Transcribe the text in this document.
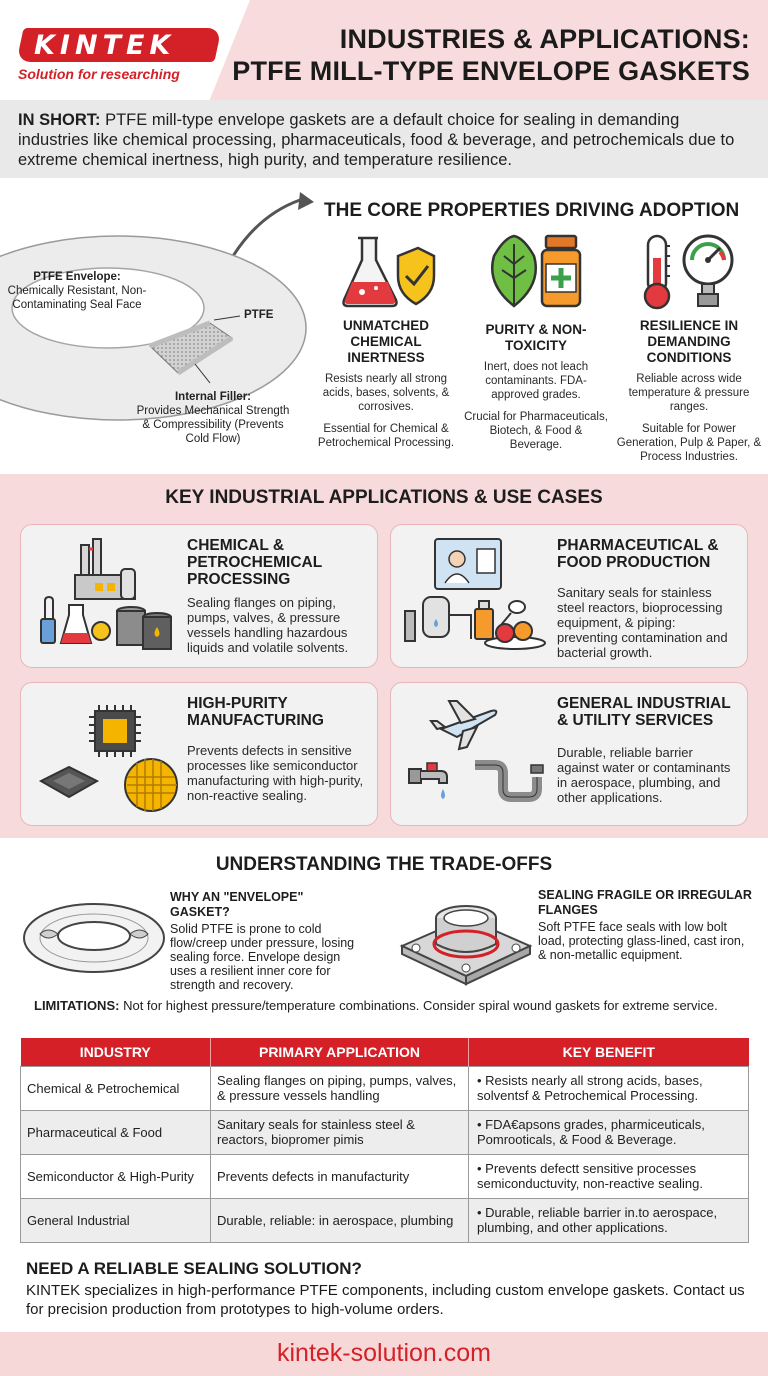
KINTEK
Solution for researching
INDUSTRIES & APPLICATIONS:
PTFE MILL-TYPE ENVELOPE GASKETS
IN SHORT: PTFE mill-type envelope gaskets are a default choice for sealing in demanding industries like chemical processing, pharmaceuticals, food & beverage, and petrochemicals due to extreme chemical inertness, high purity, and temperature resilience.
PTFE Envelope:
Chemically Resistant, Non-Contaminating Seal Face
PTFE
Internal Filler:
Provides Mechanical Strength & Compressibility (Prevents Cold Flow)
THE CORE PROPERTIES DRIVING ADOPTION
UNMATCHED CHEMICAL INERTNESS

Resists nearly all strong acids, bases, solvents, & corrosives.

Essential for Chemical & Petrochemical Processing.

PURITY & NON-TOXICITY

Inert, does not leach contaminants. FDA-approved grades.

Crucial for Pharmaceuticals, Biotech, & Food & Beverage.

RESILIENCE IN DEMANDING CONDITIONS

Reliable across wide temperature & pressure ranges.

Suitable for Power Generation, Pulp & Paper, & Process Industries.

KEY INDUSTRIAL APPLICATIONS & USE CASES
CHEMICAL & PETROCHEMICAL PROCESSING

Sealing flanges on piping, pumps, valves, & pressure vessels handling hazardous liquids and volatile solvents.

PHARMACEUTICAL & FOOD PRODUCTION

Sanitary seals for stainless steel reactors, bioprocessing equipment, & piping: preventing contamination and bacterial growth.

HIGH-PURITY MANUFACTURING

Prevents defects in sensitive processes like semiconductor manufacturing with high-purity, non-reactive sealing.

GENERAL INDUSTRIAL & UTILITY SERVICES

Durable, reliable barrier against water or contaminants in aerospace, plumbing, and other applications.

UNDERSTANDING THE TRADE-OFFS
WHY AN "ENVELOPE" GASKET?

Solid PTFE is prone to cold flow/creep under pressure, losing sealing force. Envelope design uses a resilient inner core for strength and recovery.

SEALING FRAGILE OR IRREGULAR FLANGES

Soft PTFE face seals with low bolt load, protecting glass-lined, cast iron, & non-metallic equipment.

LIMITATIONS: Not for highest pressure/temperature combinations. Consider spiral wound gaskets for extreme service.
INDUSTRY	PRIMARY APPLICATION	KEY BENEFIT
Chemical & Petrochemical	Sealing flanges on piping, pumps, valves, & pressure vessels handling	• Resists nearly all strong acids, bases, solventsf & Petrochemical Processing.
Pharmaceutical & Food	Sanitary seals for stainless steel & reactors, biopromer pimis	• FDA€apsons grades, pharmiceuticals, Pomrooticals, & Food & Beverage.
Semiconductor & High-Purity	Prevents defects in manufacturity	• Prevents defectt sensitive processes semiconductuvity, non-reactive sealing.
General Industrial	Durable, reliable: in aerospace, plumbing	• Durable, reliable barrier in.to aerospace, plumbing, and other applications.
NEED A RELIABLE SEALING SOLUTION?
KINTEK specializes in high-performance PTFE components, including custom envelope gaskets. Contact us for precision production from prototypes to high-volume orders.
kintek-solution.com
